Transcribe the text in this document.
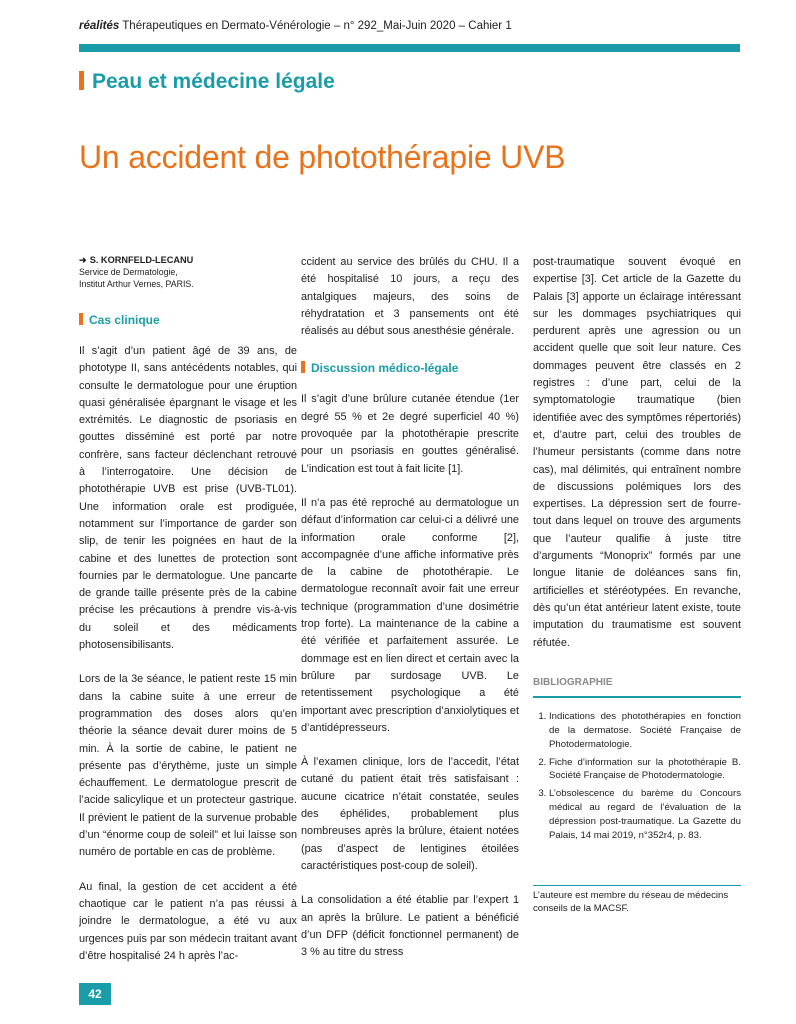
réalités Thérapeutiques en Dermato-Vénérologie – n° 292_Mai-Juin 2020 – Cahier 1
Peau et médecine légale
Un accident de photothérapie UVB
➜ S. KORNFELD-LECANU
Service de Dermatologie,
Institut Arthur Vernes, PARIS.
Cas clinique

Il s’agit d’un patient âgé de 39 ans, de phototype II, sans antécédents notables, qui consulte le dermatologue pour une éruption quasi généralisée épargnant le visage et les extrémités. Le diagnostic de psoriasis en gouttes disséminé est porté par notre confrère, sans facteur déclenchant retrouvé à l’interrogatoire. Une décision de photothérapie UVB est prise (UVB-TL01). Une information orale est prodiguée, notamment sur l’importance de garder son slip, de tenir les poignées en haut de la cabine et des lunettes de protection sont fournies par le dermatologue. Une pancarte de grande taille présente près de la cabine précise les précautions à prendre vis-à-vis du soleil et des médicaments photosensibilisants.

Lors de la 3e séance, le patient reste 15 min dans la cabine suite à une erreur de programmation des doses alors qu’en théorie la séance devait durer moins de 5 min. À la sortie de cabine, le patient ne présente pas d’érythème, juste un simple échauffement. Le dermatologue prescrit de l’acide salicylique et un protecteur gastrique. Il prévient le patient de la survenue probable d’un “énorme coup de soleil” et lui laisse son numéro de portable en cas de problème.

Au final, la gestion de cet accident a été chaotique car le patient n’a pas réussi à joindre le dermatologue, a été vu aux urgences puis par son médecin traitant avant d’être hospitalisé 24 h après l’ac-

ccident au service des brûlés du CHU. Il a été hospitalisé 10 jours, a reçu des antalgiques majeurs, des soins de réhydratation et 3 pansements ont été réalisés au début sous anesthésie générale.
Discussion médico-légale

Il s’agit d’une brûlure cutanée étendue (1er degré 55 % et 2e degré superficiel 40 %) provoquée par la photothérapie prescrite pour un psoriasis en gouttes généralisé. L’indication est tout à fait licite [1].

Il n’a pas été reproché au dermatologue un défaut d’information car celui-ci a délivré une information orale conforme [2], accompagnée d’une affiche informative près de la cabine de photothérapie. Le dermatologue reconnaît avoir fait une erreur technique (programmation d’une dosimétrie trop forte). La maintenance de la cabine a été vérifiée et parfaitement assurée. Le dommage est en lien direct et certain avec la brûlure par surdosage UVB. Le retentissement psychologique a été important avec prescription d’anxiolytiques et d’antidépresseurs.

À l’examen clinique, lors de l’accedit, l’état cutané du patient était très satisfaisant : aucune cicatrice n’était constatée, seules des éphélides, probablement plus nombreuses après la brûlure, étaient notées (pas d’aspect de lentigines étoilées caractéristiques post-coup de soleil).

La consolidation a été établie par l’expert 1 an après la brûlure. Le patient a bénéficié d’un DFP (déficit fonctionnel permanent) de 3 % au titre du stress

post-traumatique souvent évoqué en expertise [3]. Cet article de la Gazette du Palais [3] apporte un éclairage intéressant sur les dommages psychiatriques qui perdurent après une agression ou un accident quelle que soit leur nature. Ces dommages peuvent être classés en 2 registres : d’une part, celui de la symptomatologie traumatique (bien identifiée avec des symptômes répertoriés) et, d’autre part, celui des troubles de l’humeur persistants (comme dans notre cas), mal délimités, qui entraînent nombre de discussions polémiques lors des expertises. La dépression sert de fourre-tout dans lequel on trouve des arguments que l’auteur qualifie à juste titre d’arguments “Monoprix” formés par une longue litanie de doléances sans fin, artificielles et stéréotypées. En revanche, dès qu’un état antérieur latent existe, toute imputation du traumatisme est souvent réfutée.
BIBLIOGRAPHIE
1. Indications des photothérapies en fonction de la dermatose. Société Française de Photodermatologie.
2. Fiche d’information sur la photothérapie B. Société Française de Photodermatologie.
3. L’obsolescence du barème du Concours médical au regard de l’évaluation de la dépression post-traumatique. La Gazette du Palais, 14 mai 2019, n°352r4, p. 83.
L’auteure est membre du réseau de médecins conseils de la MACSF.
42
